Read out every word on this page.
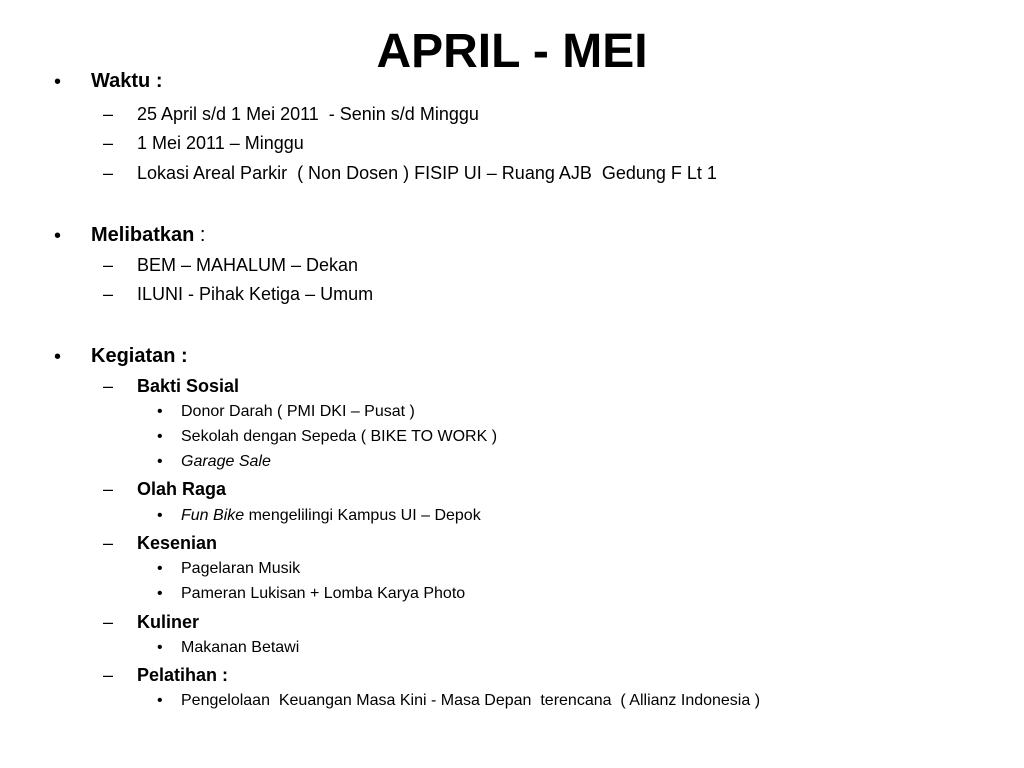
APRIL - MEI
• Waktu :
– 25 April s/d 1 Mei 2011  - Senin s/d Minggu
– 1 Mei 2011 – Minggu
– Lokasi Areal Parkir  ( Non Dosen ) FISIP UI – Ruang AJB  Gedung F Lt 1
• Melibatkan :
– BEM – MAHALUM – Dekan
– ILUNI - Pihak Ketiga – Umum
• Kegiatan :
– Bakti Sosial
• Donor Darah ( PMI DKI – Pusat )
• Sekolah dengan Sepeda ( BIKE TO WORK )
• Garage Sale
– Olah Raga
• Fun Bike mengelilingi Kampus UI – Depok
– Kesenian
• Pagelaran Musik
• Pameran Lukisan + Lomba Karya Photo
– Kuliner
• Makanan Betawi
– Pelatihan :
• Pengelolaan  Keuangan Masa Kini - Masa Depan  terencana  ( Allianz Indonesia )
